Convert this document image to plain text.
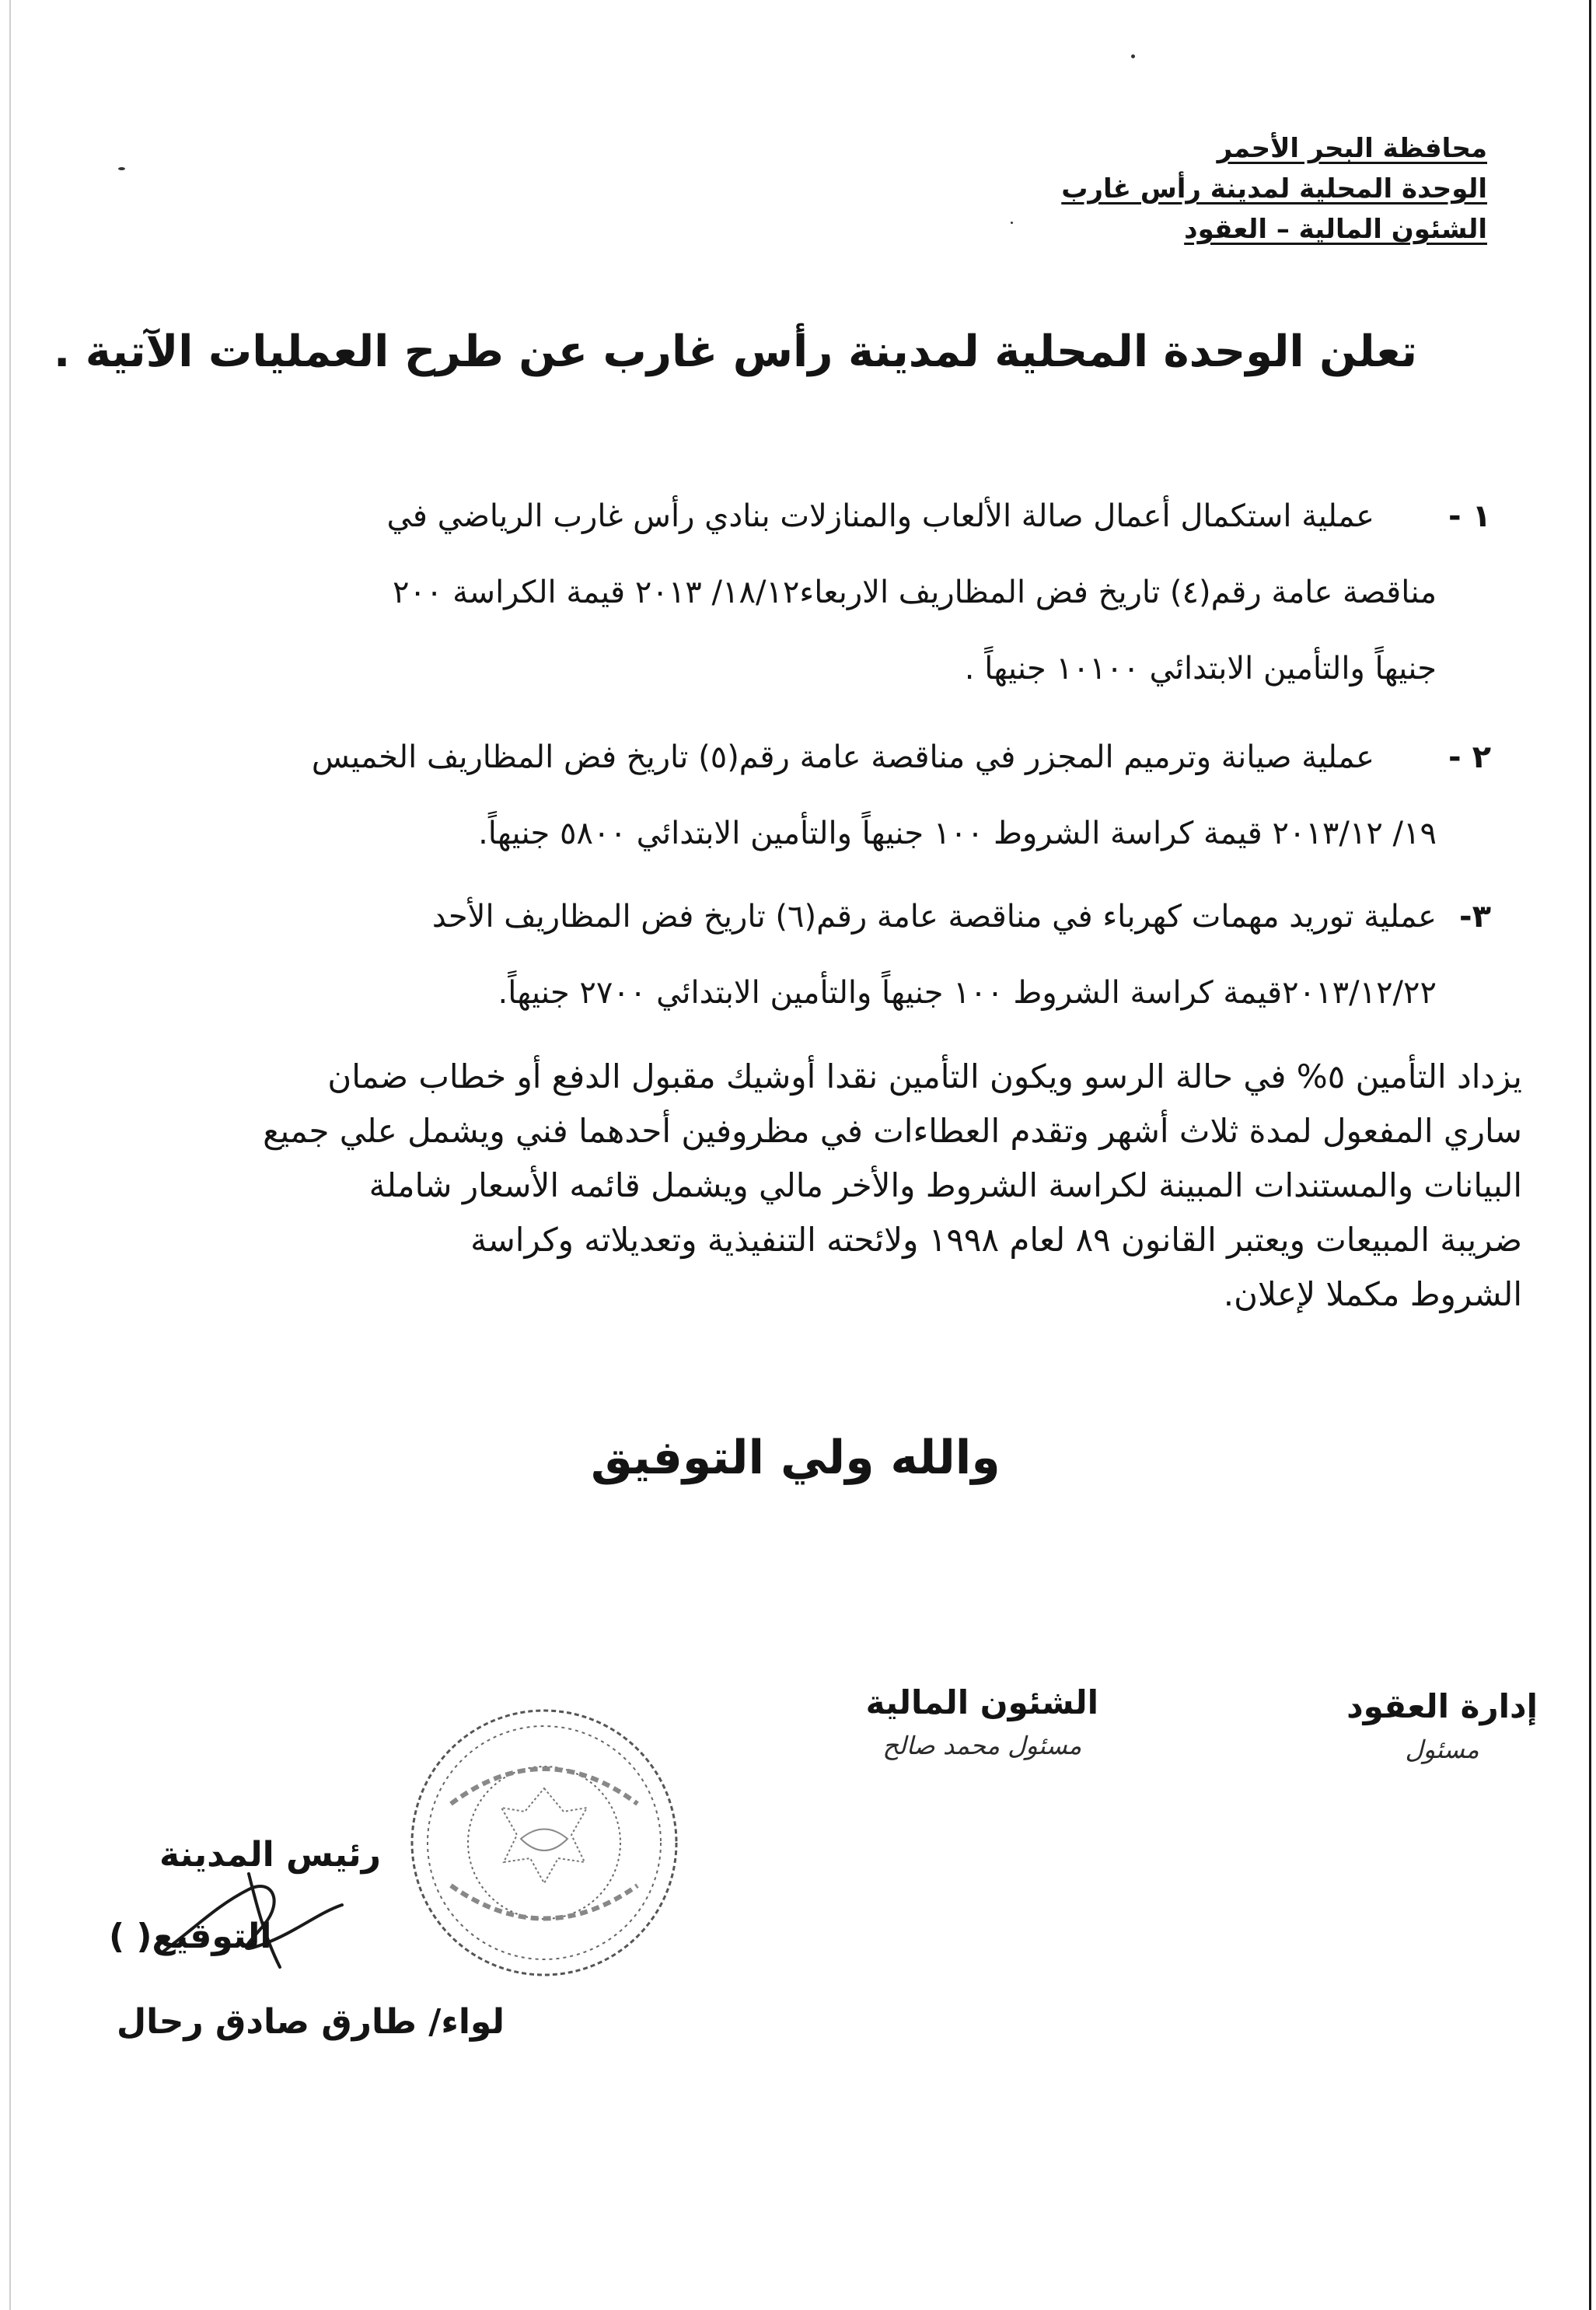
محافظة البحر الأحمر
الوحدة المحلية لمدينة رأس غارب
الشئون المالية – العقود
تعلن الوحدة المحلية لمدينة رأس غارب عن طرح العمليات الآتية .
١ -
عملية استكمال أعمال صالة الألعاب والمنازلات بنادي رأس غارب الرياضي في
مناقصة عامة رقم(٤) تاريخ فض المظاريف الاربعاء١٨/١٢/ ٢٠١٣ قيمة الكراسة ٢٠٠
جنيهاً والتأمين الابتدائي ١٠١٠٠ جنيهاً .
٢ -
عملية صيانة وترميم المجزر في مناقصة عامة رقم(٥) تاريخ فض المظاريف الخميس
١٩/ ٢٠١٣/١٢ قيمة كراسة الشروط ١٠٠ جنيهاً والتأمين الابتدائي ٥٨٠٠ جنيهاً.
٣-
عملية توريد مهمات كهرباء في مناقصة عامة رقم(٦) تاريخ فض المظاريف الأحد
٢٠١٣/١٢/٢٢قيمة كراسة الشروط ١٠٠ جنيهاً والتأمين الابتدائي ٢٧٠٠ جنيهاً.
يزداد التأمين ٥% في حالة الرسو ويكون التأمين نقدا أوشيك مقبول الدفع أو خطاب ضمان
ساري المفعول لمدة ثلاث أشهر وتقدم العطاءات في مظروفين أحدهما فني ويشمل علي جميع
البيانات والمستندات المبينة لكراسة الشروط والأخر مالي ويشمل قائمه الأسعار شاملة
ضريبة المبيعات ويعتبر القانون ٨٩ لعام ١٩٩٨ ولائحته التنفيذية وتعديلاته وكراسة
الشروط مكملا لإعلان.
والله ولي التوفيق
إدارة العقود
مسئول
الشئون المالية
مسئول محمد صالح
رئيس المدينة
التوقيع( )
لواء/ طارق صادق رحال
